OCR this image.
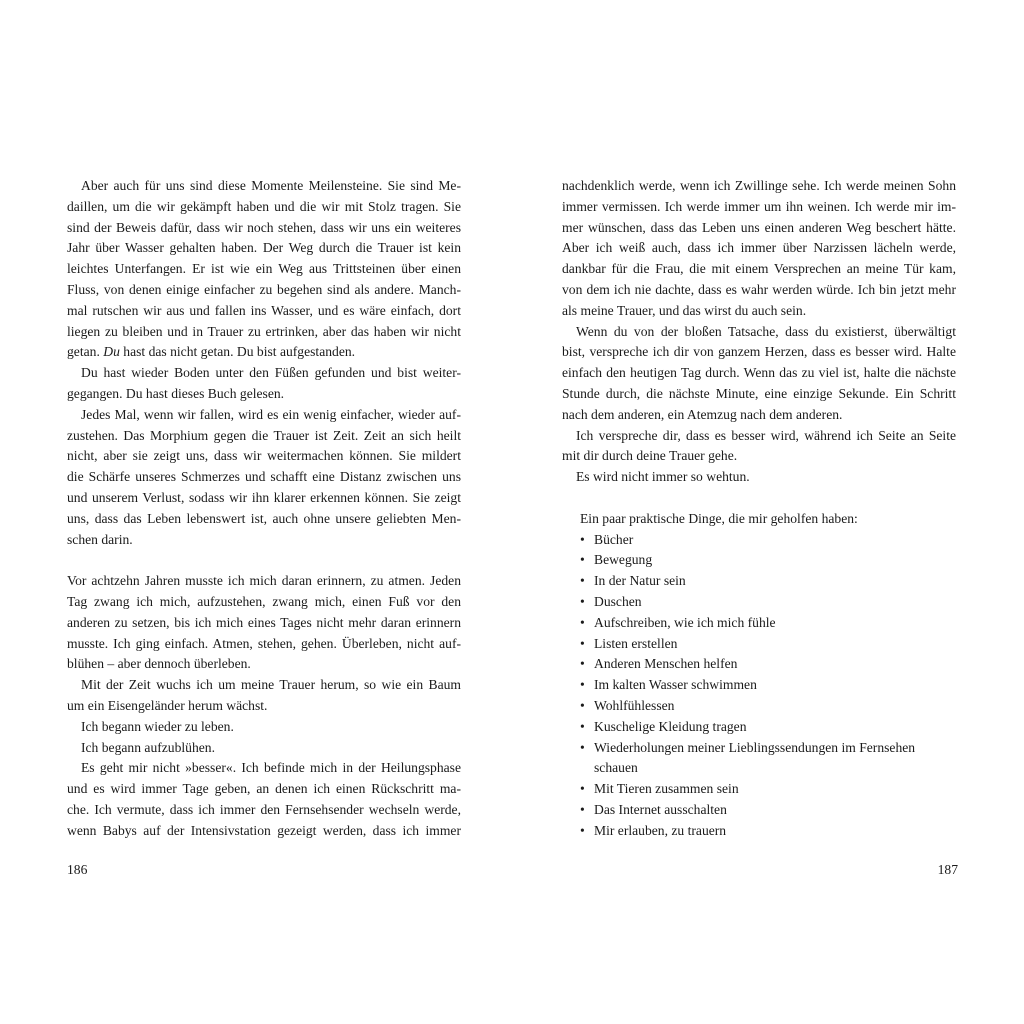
Aber auch für uns sind diese Momente Meilensteine. Sie sind Me-
daillen, um die wir gekämpft haben und die wir mit Stolz tragen. Sie
sind der Beweis dafür, dass wir noch stehen, dass wir uns ein weiteres
Jahr über Wasser gehalten haben. Der Weg durch die Trauer ist kein
leichtes Unterfangen. Er ist wie ein Weg aus Trittsteinen über einen
Fluss, von denen einige einfacher zu begehen sind als andere. Manch-
mal rutschen wir aus und fallen ins Wasser, und es wäre einfach, dort
liegen zu bleiben und in Trauer zu ertrinken, aber das haben wir nicht
getan. Du hast das nicht getan. Du bist aufgestanden.
Du hast wieder Boden unter den Füßen gefunden und bist weiter-
gegangen. Du hast dieses Buch gelesen.
Jedes Mal, wenn wir fallen, wird es ein wenig einfacher, wieder auf-
zustehen. Das Morphium gegen die Trauer ist Zeit. Zeit an sich heilt
nicht, aber sie zeigt uns, dass wir weitermachen können. Sie mildert
die Schärfe unseres Schmerzes und schafft eine Distanz zwischen uns
und unserem Verlust, sodass wir ihn klarer erkennen können. Sie zeigt
uns, dass das Leben lebenswert ist, auch ohne unsere geliebten Men-
schen darin.
Vor achtzehn Jahren musste ich mich daran erinnern, zu atmen. Jeden
Tag zwang ich mich, aufzustehen, zwang mich, einen Fuß vor den
anderen zu setzen, bis ich mich eines Tages nicht mehr daran erinnern
musste. Ich ging einfach. Atmen, stehen, gehen. Überleben, nicht auf-
blühen – aber dennoch überleben.
Mit der Zeit wuchs ich um meine Trauer herum, so wie ein Baum
um ein Eisengeländer herum wächst.
Ich begann wieder zu leben.
Ich begann aufzublühen.
Es geht mir nicht »besser«. Ich befinde mich in der Heilungsphase
und es wird immer Tage geben, an denen ich einen Rückschritt ma-
che. Ich vermute, dass ich immer den Fernsehsender wechseln werde,
wenn Babys auf der Intensivstation gezeigt werden, dass ich immer
nachdenklich werde, wenn ich Zwillinge sehe. Ich werde meinen Sohn
immer vermissen. Ich werde immer um ihn weinen. Ich werde mir im-
mer wünschen, dass das Leben uns einen anderen Weg beschert hätte.
Aber ich weiß auch, dass ich immer über Narzissen lächeln werde,
dankbar für die Frau, die mit einem Versprechen an meine Tür kam,
von dem ich nie dachte, dass es wahr werden würde. Ich bin jetzt mehr
als meine Trauer, und das wirst du auch sein.
Wenn du von der bloßen Tatsache, dass du existierst, überwältigt
bist, verspreche ich dir von ganzem Herzen, dass es besser wird. Halte
einfach den heutigen Tag durch. Wenn das zu viel ist, halte die nächste
Stunde durch, die nächste Minute, eine einzige Sekunde. Ein Schritt
nach dem anderen, ein Atemzug nach dem anderen.
Ich verspreche dir, dass es besser wird, während ich Seite an Seite
mit dir durch deine Trauer gehe.
Es wird nicht immer so wehtun.
Ein paar praktische Dinge, die mir geholfen haben:
• Bücher
• Bewegung
• In der Natur sein
• Duschen
• Aufschreiben, wie ich mich fühle
• Listen erstellen
• Anderen Menschen helfen
• Im kalten Wasser schwimmen
• Wohlfühlessen
• Kuschelige Kleidung tragen
• Wiederholungen meiner Lieblingssendungen im Fernsehen schauen
• Mit Tieren zusammen sein
• Das Internet ausschalten
• Mir erlauben, zu trauern
186	187
